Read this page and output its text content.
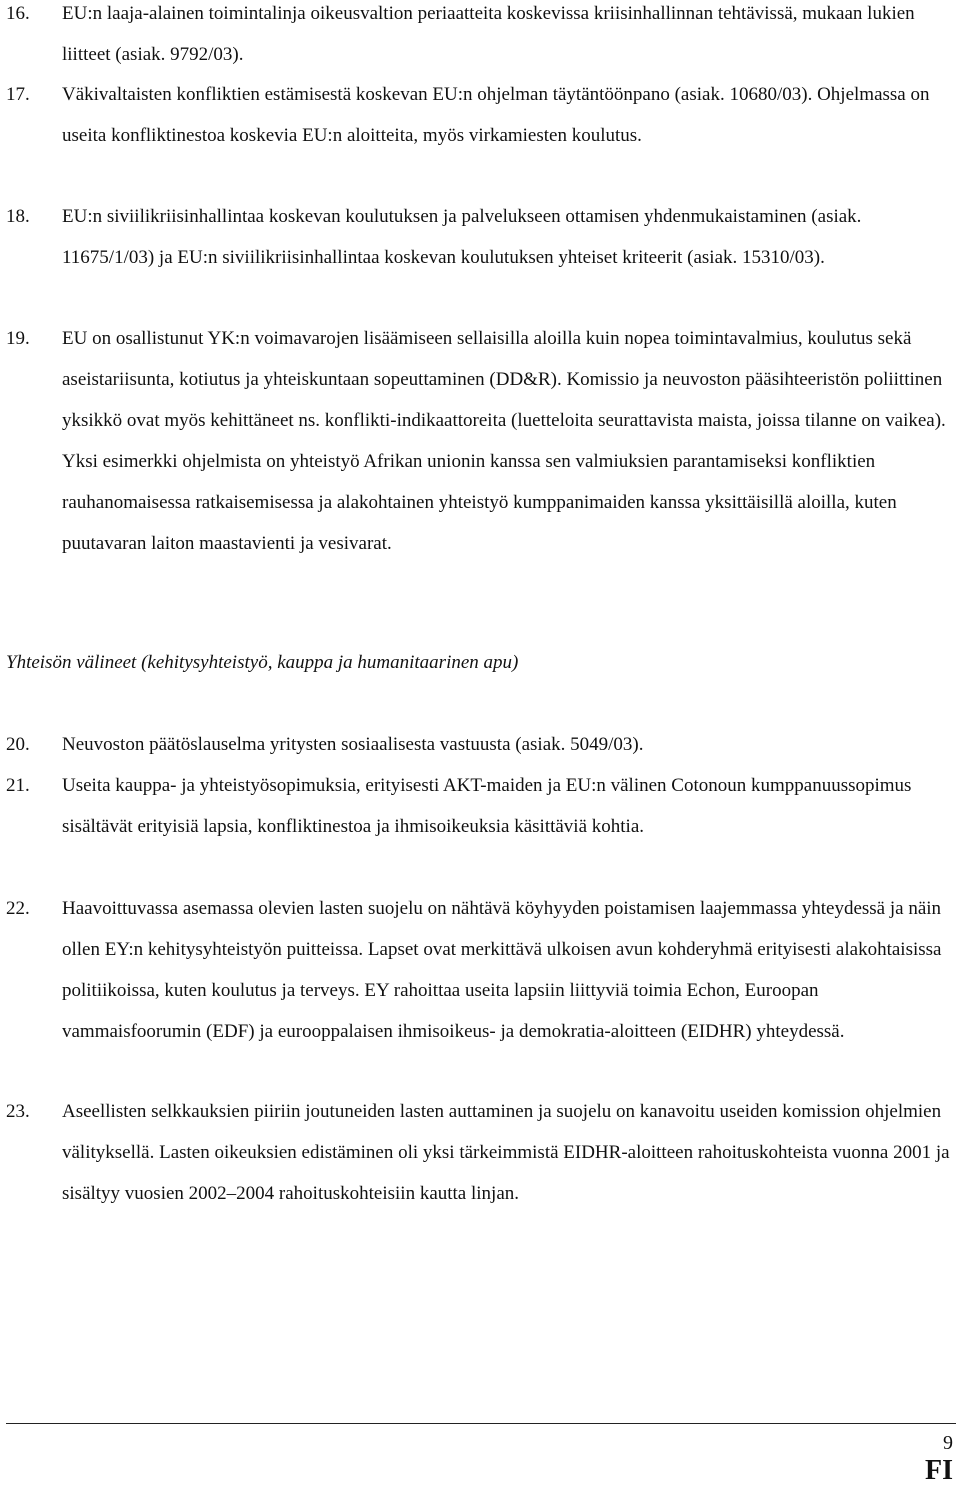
16. EU:n laaja-alainen toimintalinja oikeusvaltion periaatteita koskevissa kriisinhallinnan tehtävissä, mukaan lukien liitteet (asiak. 9792/03).
17. Väkivaltaisten konfliktien estämisestä koskevan EU:n ohjelman täytäntöönpano (asiak. 10680/03). Ohjelmassa on useita konfliktinestoa koskevia EU:n aloitteita, myös virkamiesten koulutus.
18. EU:n siviilikriisinhallintaa koskevan koulutuksen ja palvelukseen ottamisen yhdenmukaistaminen (asiak. 11675/1/03) ja EU:n siviilikriisinhallintaa koskevan koulutuksen yhteiset kriteerit (asiak. 15310/03).
19. EU on osallistunut YK:n voimavarojen lisäämiseen sellaisilla aloilla kuin nopea toimintavalmius, koulutus sekä aseistariisunta, kotiutus ja yhteiskuntaan sopeuttaminen (DD&R). Komissio ja neuvoston pääsihteeristön poliittinen yksikkö ovat myös kehittäneet ns. konflikti-indikaattoreita (luetteloita seurattavista maista, joissa tilanne on vaikea). Yksi esimerkki ohjelmista on yhteistyö Afrikan unionin kanssa sen valmiuksien parantamiseksi konfliktien rauhanomaisessa ratkaisemisessa ja alakohtainen yhteistyö kumppanimaiden kanssa yksittäisillä aloilla, kuten puutavaran laiton maastavienti ja vesivarat.
Yhteisön välineet (kehitysyhteistyö, kauppa ja humanitaarinen apu)
20. Neuvoston päätöslauselma yritysten sosiaalisesta vastuusta (asiak. 5049/03).
21. Useita kauppa- ja yhteistyösopimuksia, erityisesti AKT-maiden ja EU:n välinen Cotonoun kumppanuussopimus sisältävät erityisiä lapsia, konfliktinestoa ja ihmisoikeuksia käsittäviä kohtia.
22. Haavoittuvassa asemassa olevien lasten suojelu on nähtävä köyhyyden poistamisen laajemmassa yhteydessä ja näin ollen EY:n kehitysyhteistyön puitteissa. Lapset ovat merkittävä ulkoisen avun kohderyhmä erityisesti alakohtaisissa politiikoissa, kuten koulutus ja terveys. EY rahoittaa useita lapsiin liittyviä toimia Echon, Euroopan vammaisfoorumin (EDF) ja eurooppalaisen ihmisoikeus- ja demokratia-aloitteen (EIDHR) yhteydessä.
23. Aseellisten selkkauksien piiriin joutuneiden lasten auttaminen ja suojelu on kanavoitu useiden komission ohjelmien välityksellä. Lasten oikeuksien edistäminen oli yksi tärkeimmistä EIDHR-aloitteen rahoituskohteista vuonna 2001 ja sisältyy vuosien 2002–2004 rahoituskohteisiin kautta linjan.
9
FI
